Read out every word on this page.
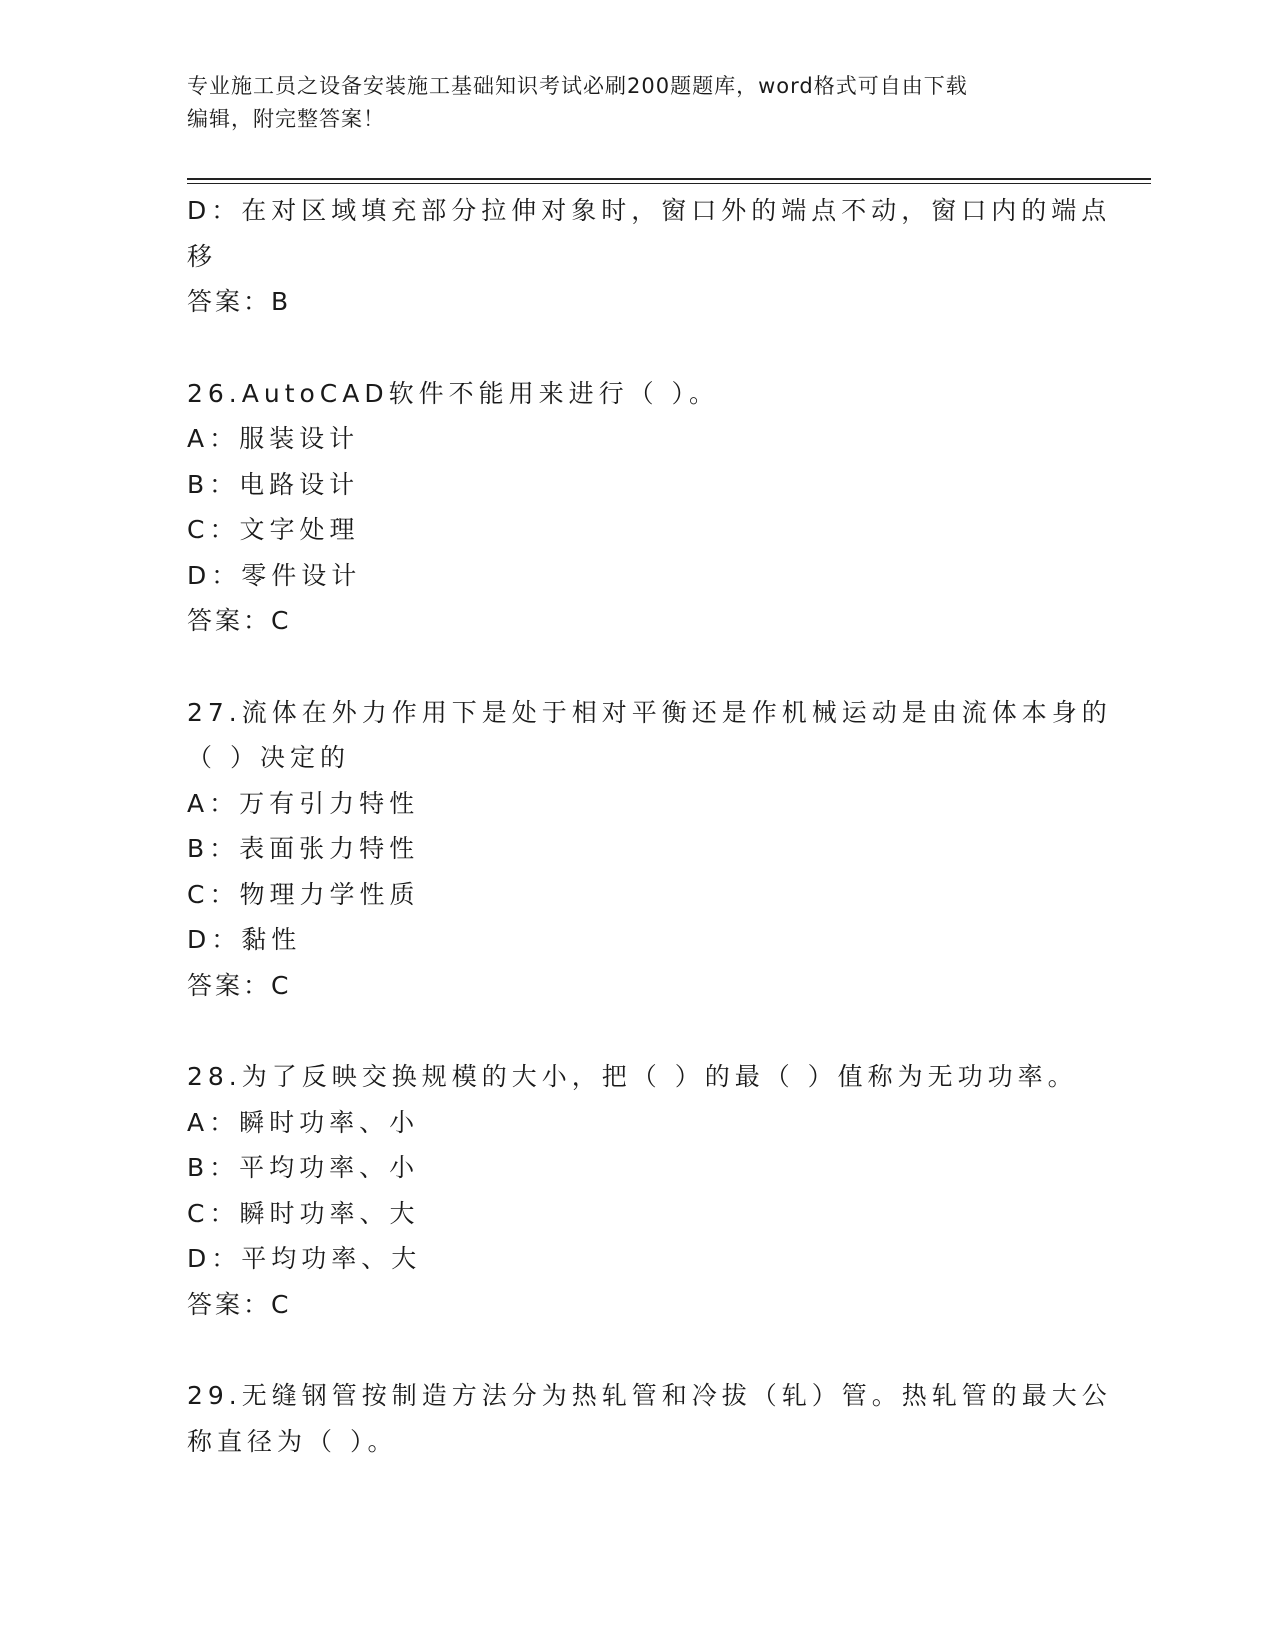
专业施工员之设备安装施工基础知识考试必刷200题题库，word格式可自由下载
编辑，附完整答案！
D：在对区域填充部分拉伸对象时，窗口外的端点不动，窗口内的端点
移
答案：B
26.AutoCAD软件不能用来进行（ ）。
A：服装设计
B：电路设计
C：文字处理
D：零件设计
答案：C
27.流体在外力作用下是处于相对平衡还是作机械运动是由流体本身的
（ ）决定的
A：万有引力特性
B：表面张力特性
C：物理力学性质
D：黏性
答案：C
28.为了反映交换规模的大小，把（ ）的最（ ）值称为无功功率。
A：瞬时功率、小
B：平均功率、小
C：瞬时功率、大
D：平均功率、大
答案：C
29.无缝钢管按制造方法分为热轧管和冷拔（轧）管。热轧管的最大公
称直径为（ ）。
